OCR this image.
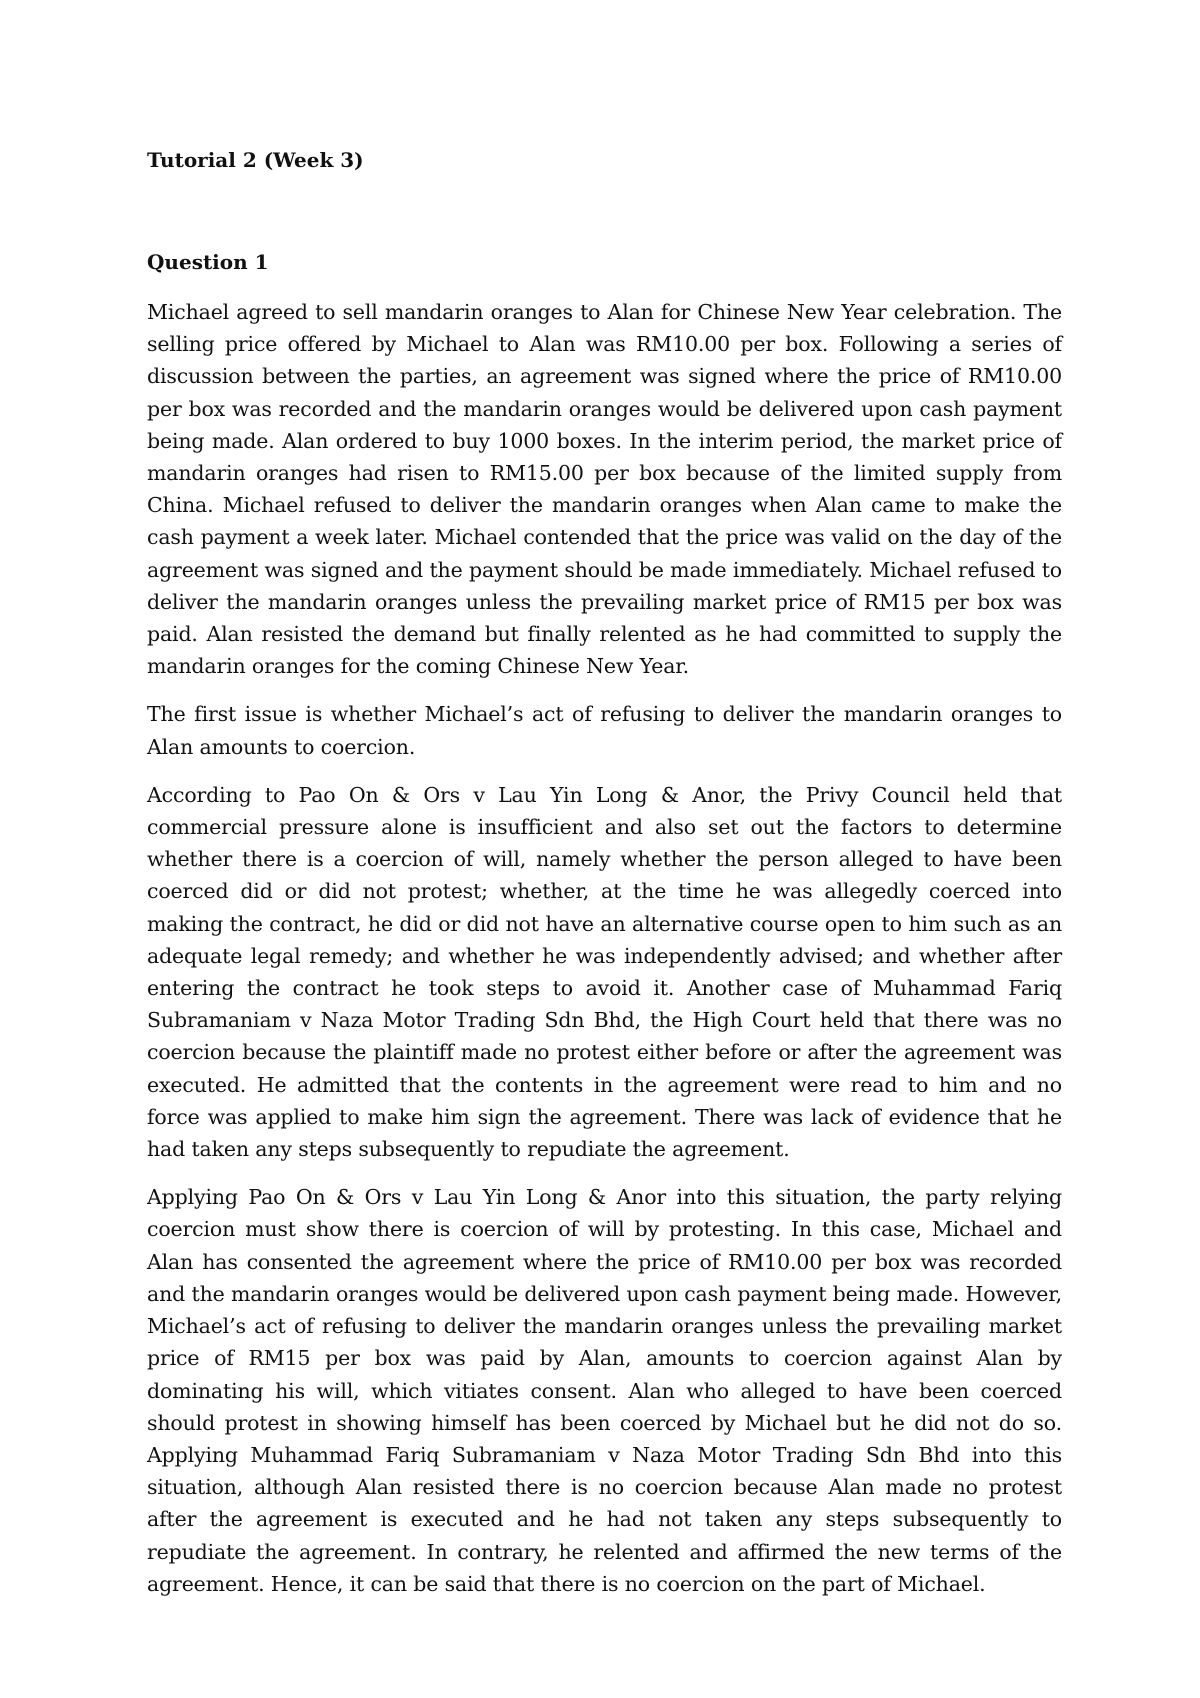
Tutorial 2 (Week 3)
Question 1

Michael agreed to sell mandarin oranges to Alan for Chinese New Year celebration. The selling price offered by Michael to Alan was RM10.00 per box. Following a series of discussion between the parties, an agreement was signed where the price of RM10.00 per box was recorded and the mandarin oranges would be delivered upon cash payment being made. Alan ordered to buy 1000 boxes. In the interim period, the market price of mandarin oranges had risen to RM15.00 per box because of the limited supply from China. Michael refused to deliver the mandarin oranges when Alan came to make the cash payment a week later. Michael contended that the price was valid on the day of the agreement was signed and the payment should be made immediately. Michael refused to deliver the mandarin oranges unless the prevailing market price of RM15 per box was paid. Alan resisted the demand but finally relented as he had committed to supply the mandarin oranges for the coming Chinese New Year.

The first issue is whether Michael’s act of refusing to deliver the mandarin oranges to Alan amounts to coercion.

According to Pao On & Ors v Lau Yin Long & Anor, the Privy Council held that commercial pressure alone is insufficient and also set out the factors to determine whether there is a coercion of will, namely whether the person alleged to have been coerced did or did not protest; whether, at the time he was allegedly coerced into making the contract, he did or did not have an alternative course open to him such as an adequate legal remedy; and whether he was independently advised; and whether after entering the contract he took steps to avoid it. Another case of Muhammad Fariq Subramaniam v Naza Motor Trading Sdn Bhd, the High Court held that there was no coercion because the plaintiff made no protest either before or after the agreement was executed. He admitted that the contents in the agreement were read to him and no force was applied to make him sign the agreement. There was lack of evidence that he had taken any steps subsequently to repudiate the agreement.

Applying Pao On & Ors v Lau Yin Long & Anor into this situation, the party relying coercion must show there is coercion of will by protesting. In this case, Michael and Alan has consented the agreement where the price of RM10.00 per box was recorded and the mandarin oranges would be delivered upon cash payment being made. However, Michael’s act of refusing to deliver the mandarin oranges unless the prevailing market price of RM15 per box was paid by Alan, amounts to coercion against Alan by dominating his will, which vitiates consent. Alan who alleged to have been coerced should protest in showing himself has been coerced by Michael but he did not do so. Applying Muhammad Fariq Subramaniam v Naza Motor Trading Sdn Bhd into this situation, although Alan resisted there is no coercion because Alan made no protest after the agreement is executed and he had not taken any steps subsequently to repudiate the agreement. In contrary, he relented and affirmed the new terms of the agreement. Hence, it can be said that there is no coercion on the part of Michael.
